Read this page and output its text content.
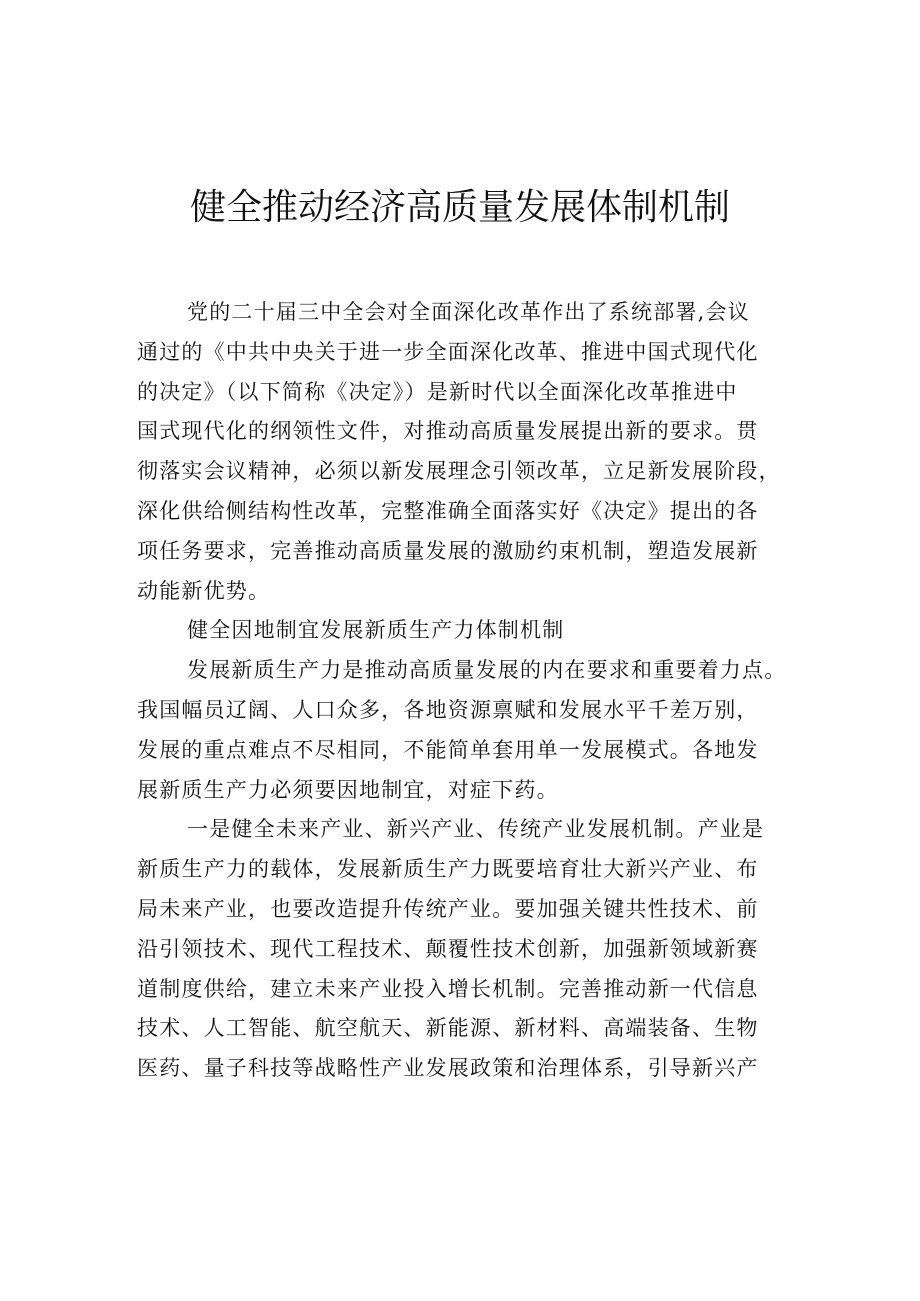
健全推动经济高质量发展体制机制
党的二十届三中全会对全面深化改革作出了系统部署,会议
通过的《中共中央关于进一步全面深化改革、推进中国式现代化
的决定》（以下简称《决定》）是新时代以全面深化改革推进中
国式现代化的纲领性文件，对推动高质量发展提出新的要求。贯
彻落实会议精神，必须以新发展理念引领改革，立足新发展阶段，
深化供给侧结构性改革，完整准确全面落实好《决定》提出的各
项任务要求，完善推动高质量发展的激励约束机制，塑造发展新
动能新优势。
健全因地制宜发展新质生产力体制机制
发展新质生产力是推动高质量发展的内在要求和重要着力点。
我国幅员辽阔、人口众多，各地资源禀赋和发展水平千差万别，
发展的重点难点不尽相同，不能简单套用单一发展模式。各地发
展新质生产力必须要因地制宜，对症下药。
一是健全未来产业、新兴产业、传统产业发展机制。产业是
新质生产力的载体，发展新质生产力既要培育壮大新兴产业、布
局未来产业，也要改造提升传统产业。要加强关键共性技术、前
沿引领技术、现代工程技术、颠覆性技术创新，加强新领域新赛
道制度供给，建立未来产业投入增长机制。完善推动新一代信息
技术、人工智能、航空航天、新能源、新材料、高端装备、生物
医药、量子科技等战略性产业发展政策和治理体系，引导新兴产
